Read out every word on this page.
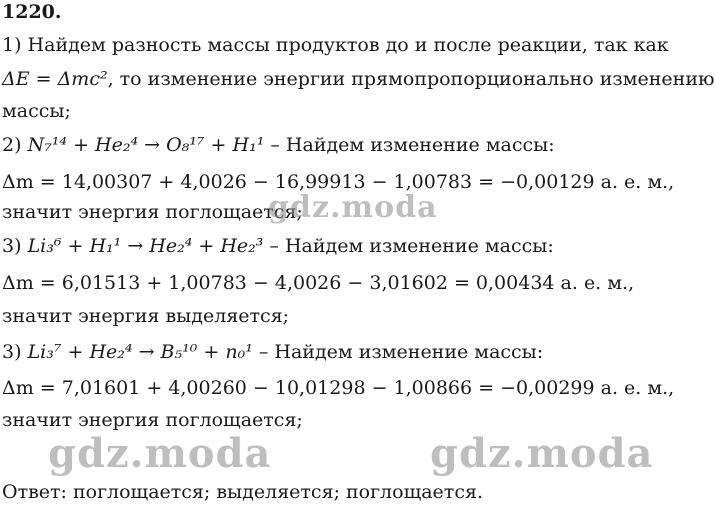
1220.
1) Найдем разность массы продуктов до и после реакции, так как
ΔE = Δmc², то изменение энергии прямопропорционально изменению
массы;
2) N₇¹⁴ + He₂⁴ → O₈¹⁷ + H₁¹ – Найдем изменение массы:
Δm = 14,00307 + 4,0026 − 16,99913 − 1,00783 = −0,00129 а. е. м.,
значит энергия поглощается;
3) Li₃⁶ + H₁¹ → He₂⁴ + He₂³ – Найдем изменение массы:
Δm = 6,01513 + 1,00783 − 4,0026 − 3,01602 = 0,00434 а. е. м.,
значит энергия выделяется;
3) Li₃⁷ + He₂⁴ → B₅¹⁰ + n₀¹ – Найдем изменение массы:
Δm = 7,01601 + 4,00260 − 10,01298 − 1,00866 = −0,00299 а. е. м.,
значит энергия поглощается;
Ответ: поглощается; выделяется; поглощается.
gdz.moda
gdz.moda	gdz.moda
